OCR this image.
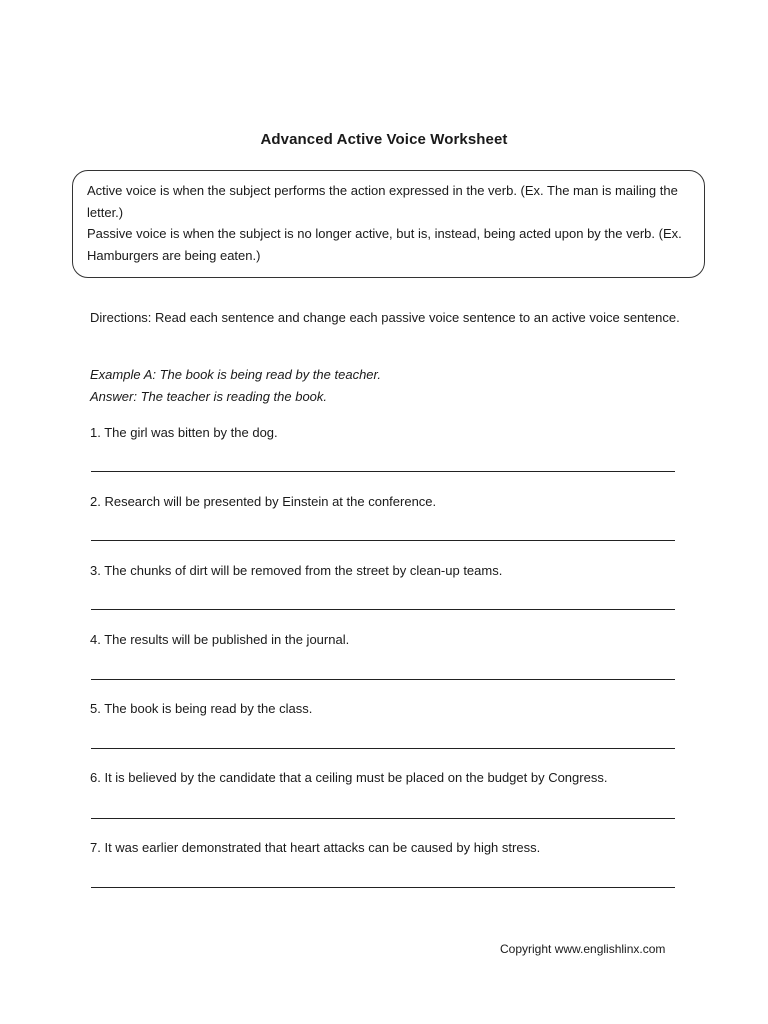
Advanced Active Voice Worksheet

Active voice is when the subject performs the action expressed in the verb. (Ex. The man is mailing the letter.)

Passive voice is when the subject is no longer active, but is, instead, being acted upon by the verb. (Ex. Hamburgers are being eaten.)

Directions: Read each sentence and change each passive voice sentence to an active voice sentence.

Example A: The book is being read by the teacher.

Answer: The teacher is reading the book.

1. The girl was bitten by the dog.
2. Research will be presented by Einstein at the conference.
3. The chunks of dirt will be removed from the street by clean-up teams.
4. The results will be published in the journal.
5. The book is being read by the class.
6. It is believed by the candidate that a ceiling must be placed on the budget by Congress.
7. It was earlier demonstrated that heart attacks can be caused by high stress.
Copyright www.englishlinx.com
